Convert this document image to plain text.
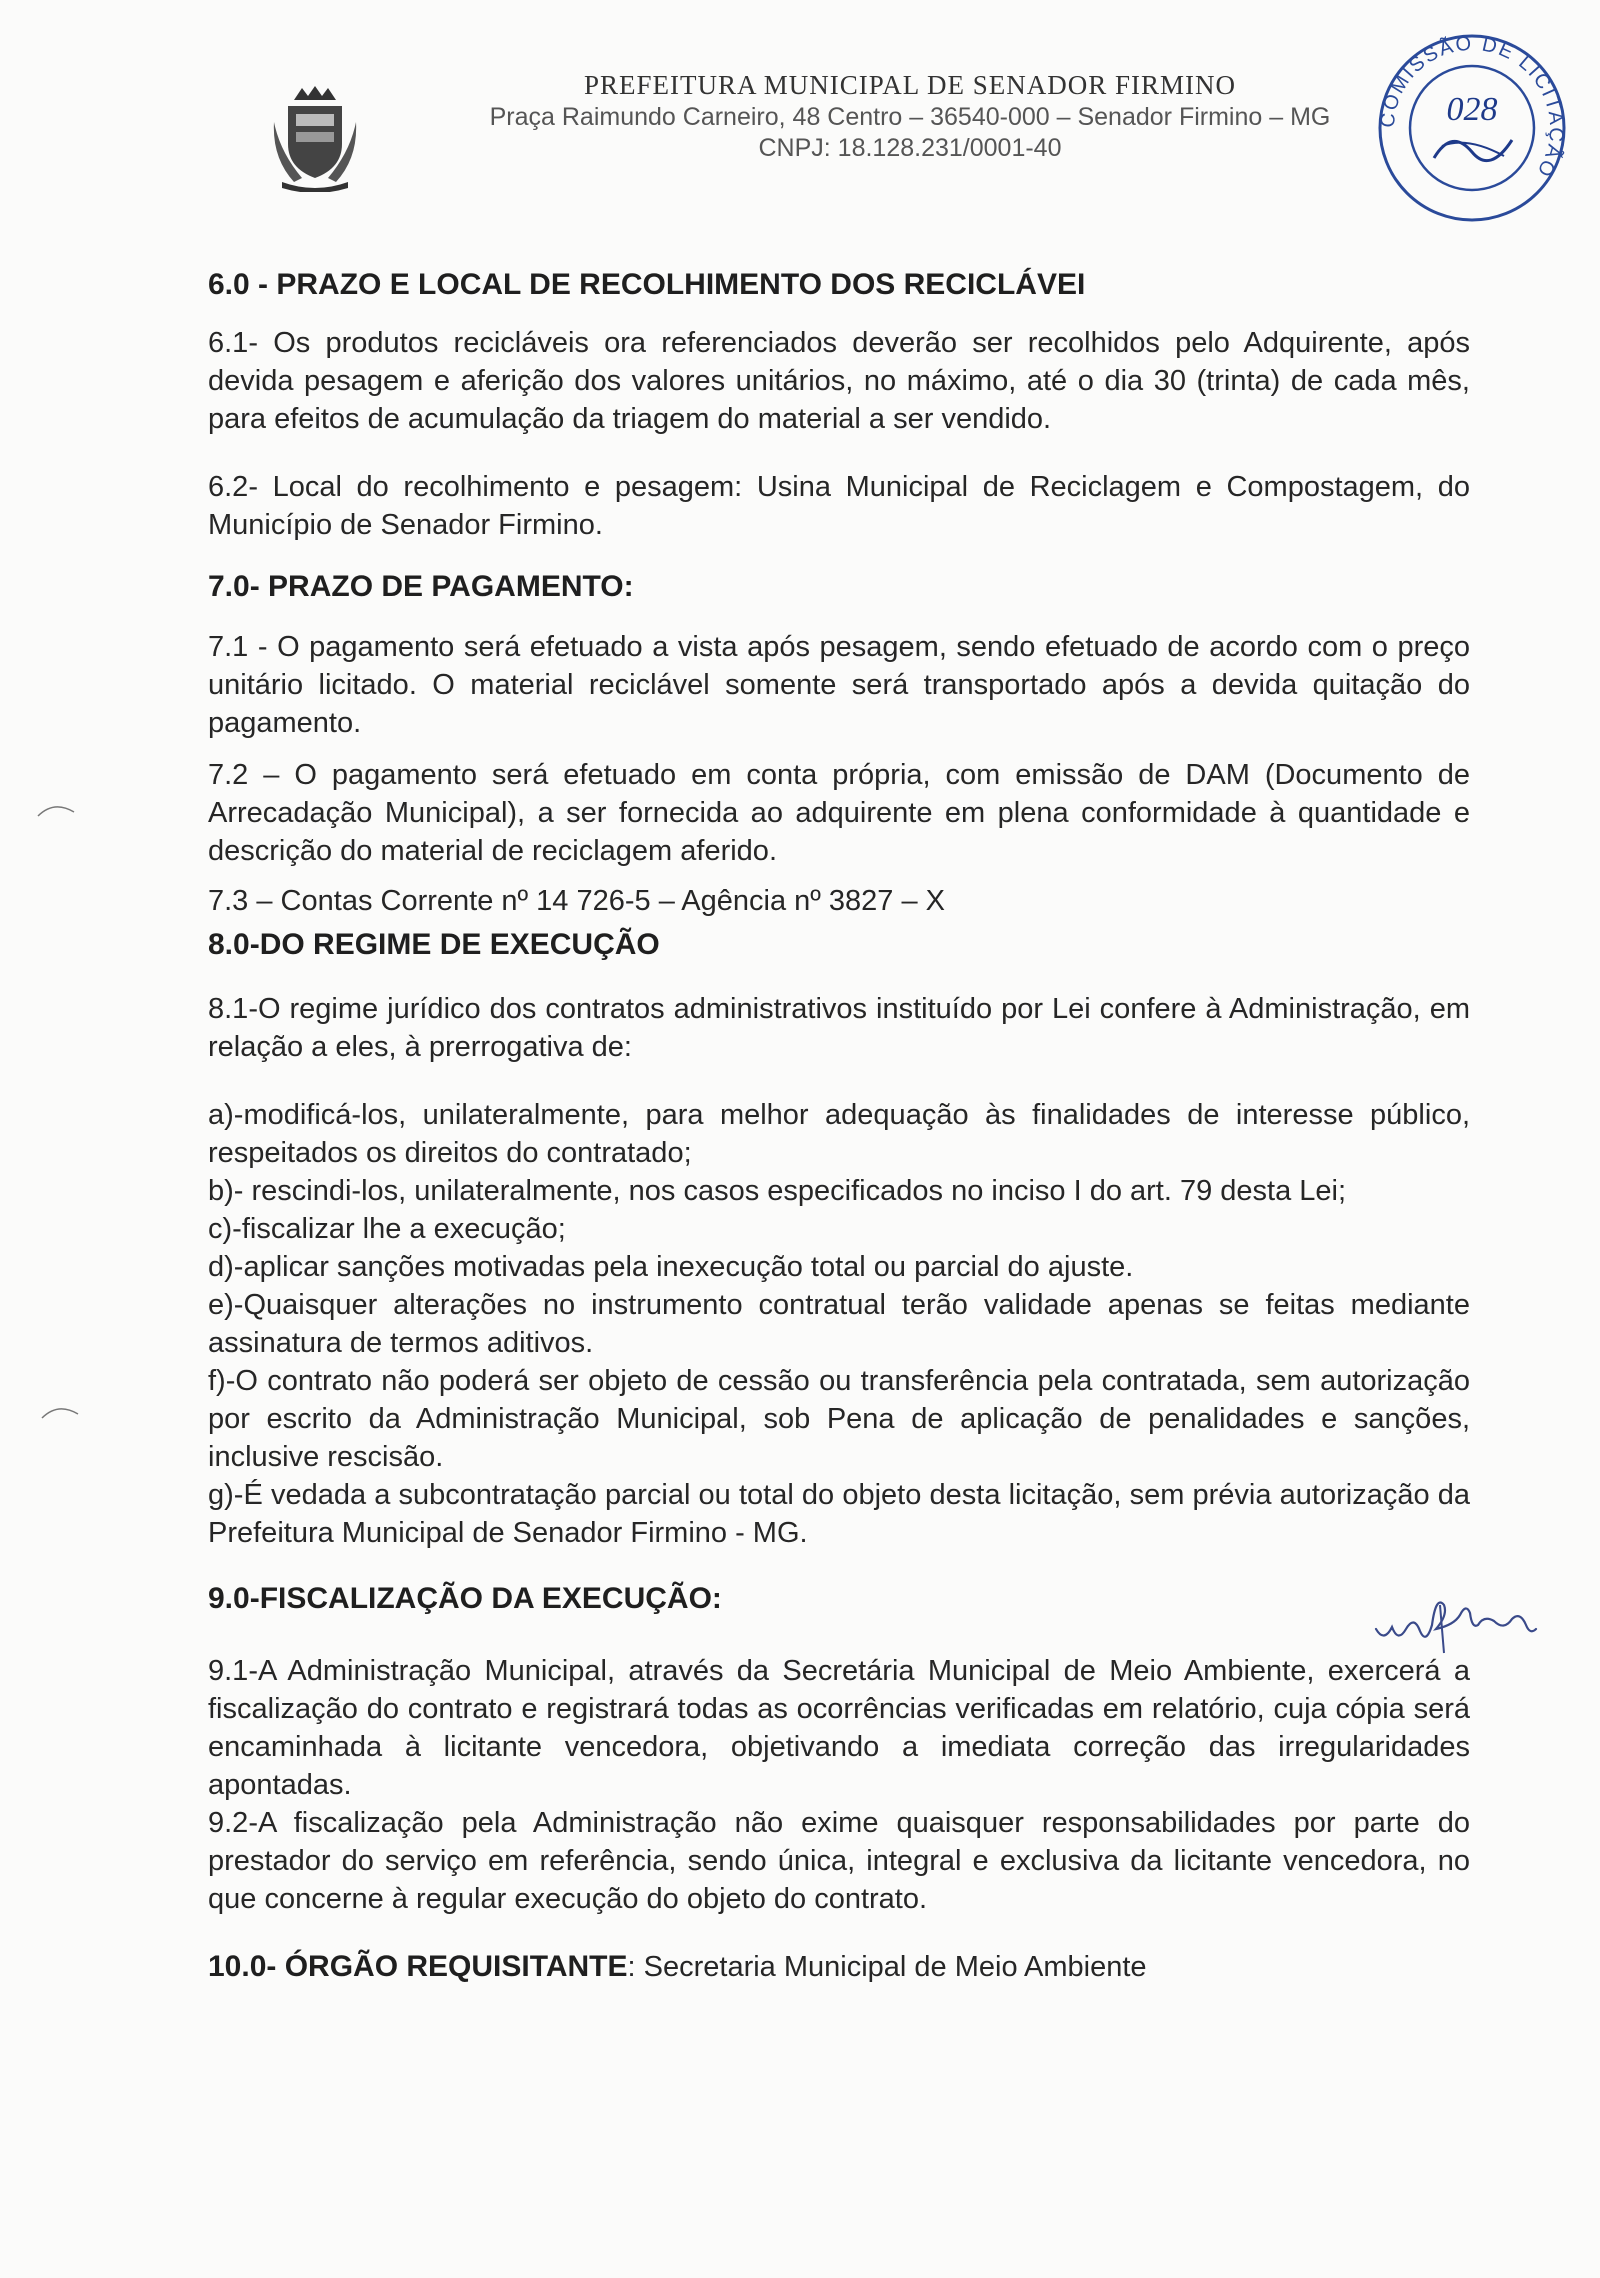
PREFEITURA MUNICIPAL DE SENADOR FIRMINO

Praça Raimundo Carneiro, 48 Centro – 36540-000 – Senador Firmino – MG

CNPJ: 18.128.231/0001-40

COMISSÃO DE LICITAÇÃO
028

6.0 - PRAZO E LOCAL DE RECOLHIMENTO DOS RECICLÁVEI

6.1- Os produtos recicláveis ora referenciados deverão ser recolhidos pelo Adquirente, após devida pesagem e aferição dos valores unitários, no máximo, até o dia 30 (trinta) de cada mês, para efeitos de acumulação da triagem do material a ser vendido.

6.2- Local do recolhimento e pesagem: Usina Municipal de Reciclagem e Compostagem, do Município de Senador Firmino.

7.0- PRAZO DE PAGAMENTO:

7.1 - O pagamento será efetuado a vista após pesagem, sendo efetuado de acordo com o preço unitário licitado. O material reciclável somente será transportado após a devida quitação do pagamento.

7.2 – O pagamento será efetuado em conta própria, com emissão de DAM (Documento de Arrecadação Municipal), a ser fornecida ao adquirente em plena conformidade à quantidade e descrição do material de reciclagem aferido.

7.3 – Contas Corrente nº 14 726-5 – Agência nº 3827 – X

8.0-DO REGIME DE EXECUÇÃO

8.1-O regime jurídico dos contratos administrativos instituído por Lei confere à Administração, em relação a eles, à prerrogativa de:

a)-modificá-los, unilateralmente, para melhor adequação às finalidades de interesse público, respeitados os direitos do contratado;

b)- rescindi-los, unilateralmente, nos casos especificados no inciso I do art. 79 desta Lei;

c)-fiscalizar lhe a execução;

d)-aplicar sanções motivadas pela inexecução total ou parcial do ajuste.

e)-Quaisquer alterações no instrumento contratual terão validade apenas se feitas mediante assinatura de termos aditivos.

f)-O contrato não poderá ser objeto de cessão ou transferência pela contratada, sem autorização por escrito da Administração Municipal, sob Pena de aplicação de penalidades e sanções, inclusive rescisão.

g)-É vedada a subcontratação parcial ou total do objeto desta licitação, sem prévia autorização da Prefeitura Municipal de Senador Firmino - MG.

9.0-FISCALIZAÇÃO DA EXECUÇÃO:

9.1-A Administração Municipal, através da Secretária Municipal de Meio Ambiente, exercerá a fiscalização do contrato e registrará todas as ocorrências verificadas em relatório, cuja cópia será encaminhada à licitante vencedora, objetivando a imediata correção das irregularidades apontadas.

9.2-A fiscalização pela Administração não exime quaisquer responsabilidades por parte do prestador do serviço em referência, sendo única, integral e exclusiva da licitante vencedora, no que concerne à regular execução do objeto do contrato.

10.0- ÓRGÃO REQUISITANTE: Secretaria Municipal de Meio Ambiente
